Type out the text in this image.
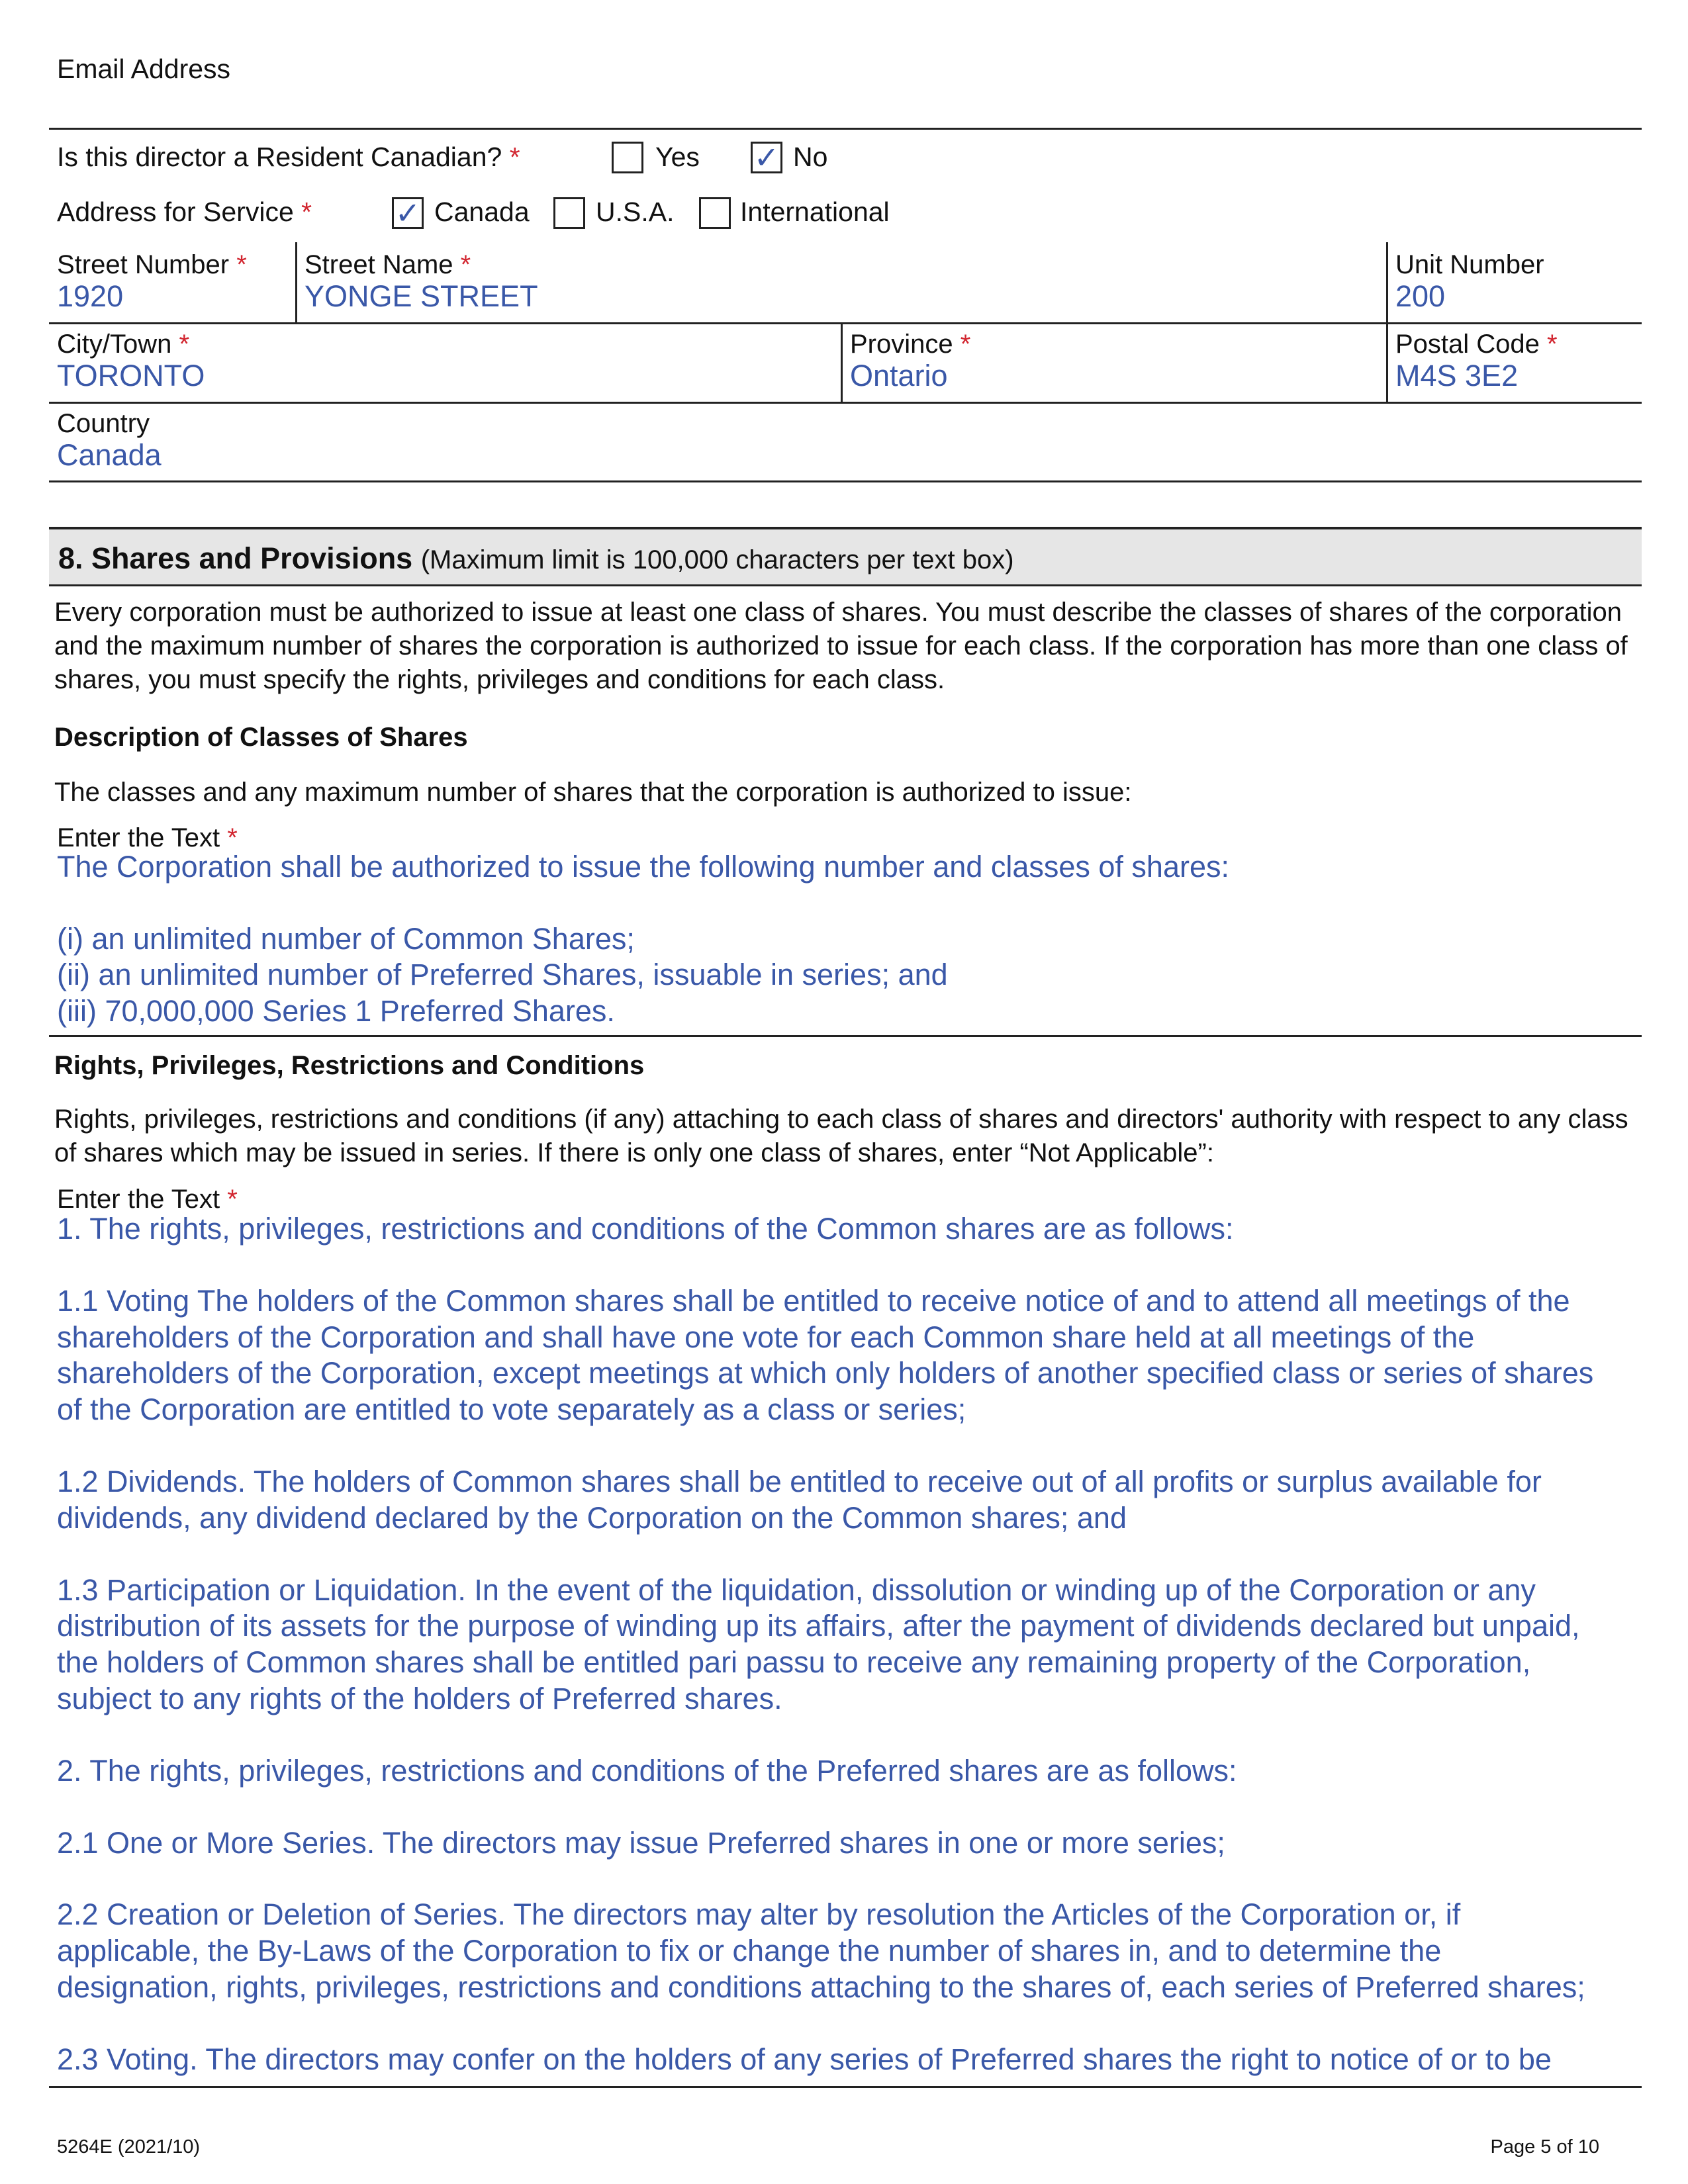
Email Address
Is this director a Resident Canadian? *	Yes ✓ No
Address for Service *	✓ Canada U.S.A. International
Street Number *
1920
Street Name *
YONGE STREET
Unit Number
200
City/Town *
TORONTO
Province *
Ontario
Postal Code *
M4S 3E2
Country
Canada
8. Shares and Provisions (Maximum limit is 100,000 characters per text box)
Every corporation must be authorized to issue at least one class of shares. You must describe the classes of shares of the corporation and the maximum number of shares the corporation is authorized to issue for each class. If the corporation has more than one class of shares, you must specify the rights, privileges and conditions for each class.
Description of Classes of Shares
The classes and any maximum number of shares that the corporation is authorized to issue:
Enter the Text *

The Corporation shall be authorized to issue the following number and classes of shares:

(i) an unlimited number of Common Shares;

(ii) an unlimited number of Preferred Shares, issuable in series; and

(iii) 70,000,000 Series 1 Preferred Shares.

Rights, Privileges, Restrictions and Conditions
Rights, privileges, restrictions and conditions (if any) attaching to each class of shares and directors' authority with respect to any class of shares which may be issued in series. If there is only one class of shares, enter “Not Applicable”:
Enter the Text *

1. The rights, privileges, restrictions and conditions of the Common shares are as follows:

1.1 Voting The holders of the Common shares shall be entitled to receive notice of and to attend all meetings of the

shareholders of the Corporation and shall have one vote for each Common share held at all meetings of the

shareholders of the Corporation, except meetings at which only holders of another specified class or series of shares

of the Corporation are entitled to vote separately as a class or series;

1.2 Dividends. The holders of Common shares shall be entitled to receive out of all profits or surplus available for

dividends, any dividend declared by the Corporation on the Common shares; and

1.3 Participation or Liquidation. In the event of the liquidation, dissolution or winding up of the Corporation or any

distribution of its assets for the purpose of winding up its affairs, after the payment of dividends declared but unpaid,

the holders of Common shares shall be entitled pari passu to receive any remaining property of the Corporation,

subject to any rights of the holders of Preferred shares.

2. The rights, privileges, restrictions and conditions of the Preferred shares are as follows:

2.1 One or More Series. The directors may issue Preferred shares in one or more series;

2.2 Creation or Deletion of Series. The directors may alter by resolution the Articles of the Corporation or, if

applicable, the By-Laws of the Corporation to fix or change the number of shares in, and to determine the

designation, rights, privileges, restrictions and conditions attaching to the shares of, each series of Preferred shares;

2.3 Voting. The directors may confer on the holders of any series of Preferred shares the right to notice of or to be

5264E (2021/10)	Page 5 of 10
